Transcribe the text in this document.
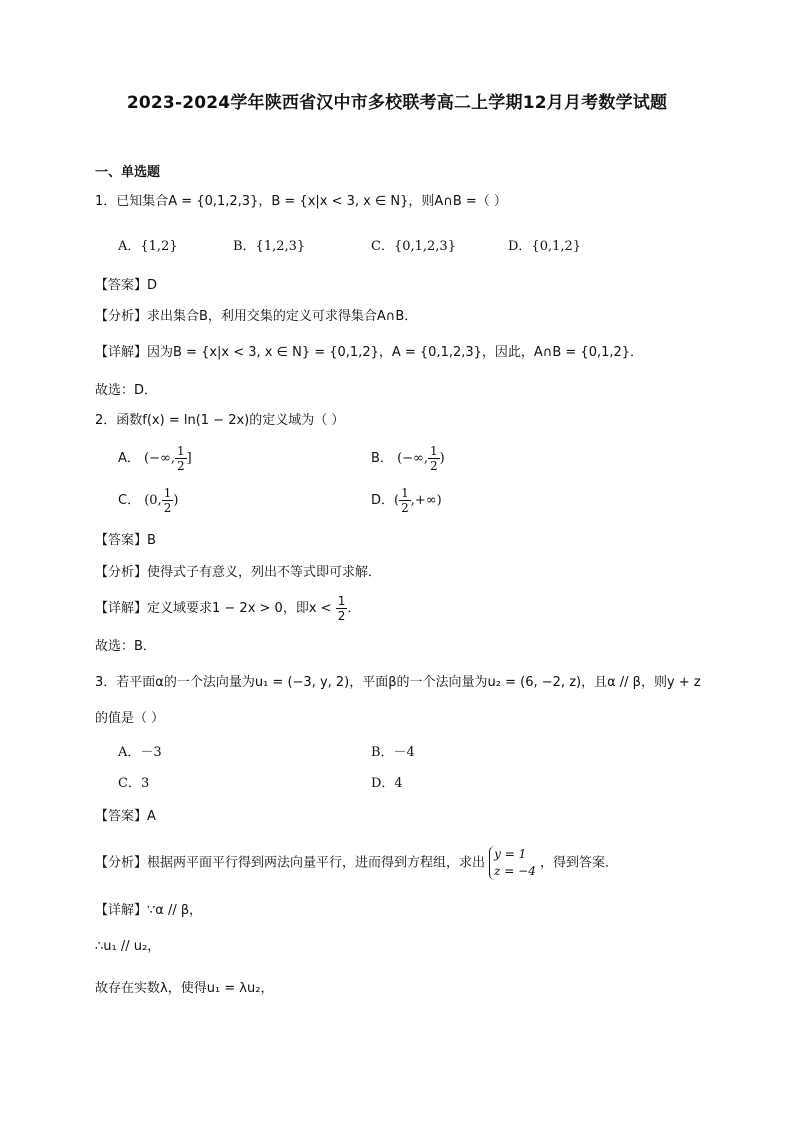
2023-2024学年陕西省汉中市多校联考高二上学期12月月考数学试题
一、单选题
1．已知集合A = {0,1,2,3}，B = {x|x < 3, x ∈ N}，则A∩B =（ ）
A．{1,2}	B．{1,2,3}	C．{0,1,2,3}	D．{0,1,2}
【答案】D
【分析】求出集合B，利用交集的定义可求得集合A∩B．
【详解】因为B = {x|x < 3, x ∈ N} = {0,1,2}，A = {0,1,2,3}，因此，A∩B = {0,1,2}．
故选：D．
2．函数f(x) = ln(1 − 2x)的定义域为（ ）
A． (−∞, $\frac{1}{2}$ ]	B． (−∞, $\frac{1}{2}$ )
C． (0, $\frac{1}{2}$ )	D．( $\frac{1}{2}$ ,+∞)
【答案】B
【分析】使得式子有意义，列出不等式即可求解．
【详解】定义域要求1 − 2x > 0，即$x < \frac{1}{2}$ ．
故选：B．
3．若平面α的一个法向量为u₁ = (−3, y, 2)，平面β的一个法向量为u₂ = (6, −2, z)，且α // β，则y + z
的值是（ ）
A．－3	B．－4
C．3	D．4
【答案】A
【分析】根据两平面平行得到两法向量平行，进而得到方程组，求出
y = 1
z = −4
，得到答案．
【详解】∵α // β，
∴u₁ // u₂，
故存在实数λ，使得u₁ = λu₂，
